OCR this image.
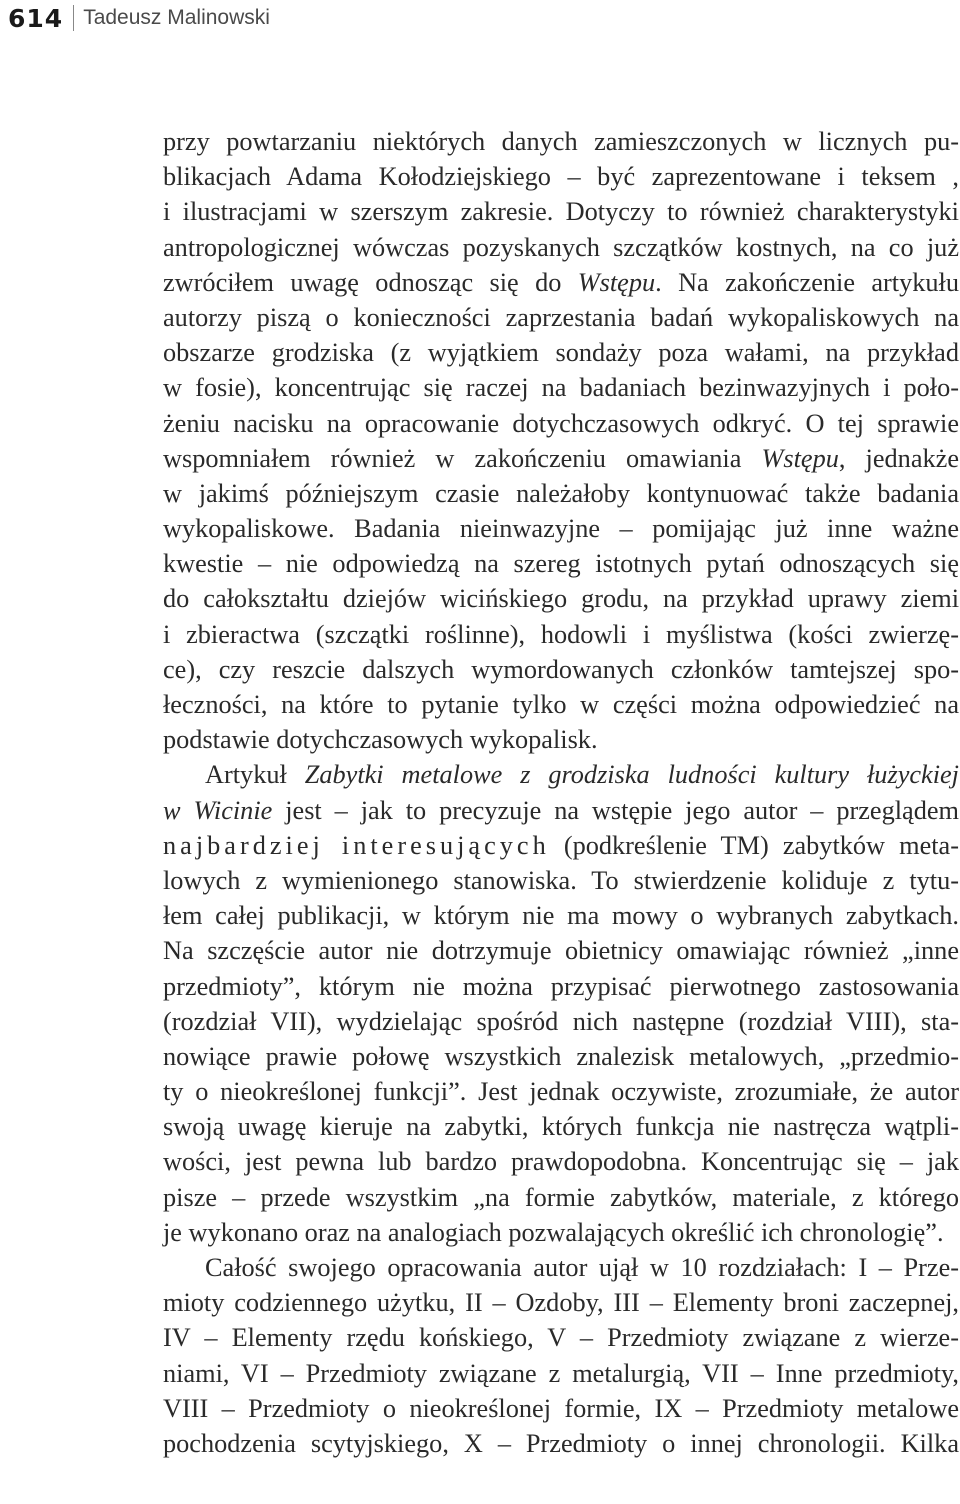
614 Tadeusz Malinowski
przy powtarzaniu niektórych danych zamieszczonych w licznych pu-
blikacjach Adama Kołodziejskiego – być zaprezentowane i teksem ,
i ilustracjami w szerszym zakresie. Dotyczy to również charakterystyki
antropologicznej wówczas pozyskanych szczątków kostnych, na co już
zwróciłem uwagę odnosząc się do Wstępu. Na zakończenie artykułu
autorzy piszą o konieczności zaprzestania badań wykopaliskowych na
obszarze grodziska (z wyjątkiem sondaży poza wałami, na przykład
w fosie), koncentrując się raczej na badaniach bezinwazyjnych i poło-
żeniu nacisku na opracowanie dotychczasowych odkryć. O tej sprawie
wspomniałem również w zakończeniu omawiania Wstępu, jednakże
w jakimś późniejszym czasie należałoby kontynuować także badania
wykopaliskowe. Badania nieinwazyjne – pomijając już inne ważne
kwestie – nie odpowiedzą na szereg istotnych pytań odnoszących się
do całokształtu dziejów wicińskiego grodu, na przykład uprawy ziemi
i zbieractwa (szczątki roślinne), hodowli i myślistwa (kości zwierzę-
ce), czy reszcie dalszych wymordowanych członków tamtejszej spo-
łeczności, na które to pytanie tylko w części można odpowiedzieć na
podstawie dotychczasowych wykopalisk.
Artykuł Zabytki metalowe z grodziska ludności kultury łużyckiej
w Wicinie jest – jak to precyzuje na wstępie jego autor – przeglądem
najbardziej interesujących (podkreślenie TM) zabytków meta-
lowych z wymienionego stanowiska. To stwierdzenie koliduje z tytu-
łem całej publikacji, w którym nie ma mowy o wybranych zabytkach.
Na szczęście autor nie dotrzymuje obietnicy omawiając również „inne
przedmioty”, którym nie można przypisać pierwotnego zastosowania
(rozdział VII), wydzielając spośród nich następne (rozdział VIII), sta-
nowiące prawie połowę wszystkich znalezisk metalowych, „przedmio-
ty o nieokreślonej funkcji”. Jest jednak oczywiste, zrozumiałe, że autor
swoją uwagę kieruje na zabytki, których funkcja nie nastręcza wątpli-
wości, jest pewna lub bardzo prawdopodobna. Koncentrując się – jak
pisze – przede wszystkim „na formie zabytków, materiale, z którego
je wykonano oraz na analogiach pozwalających określić ich chronologię”.
Całość swojego opracowania autor ujął w 10 rozdziałach: I – Prze-
mioty codziennego użytku, II – Ozdoby, III – Elementy broni zaczepnej,
IV – Elementy rzędu końskiego, V – Przedmioty związane z wierze-
niami, VI – Przedmioty związane z metalurgią, VII – Inne przedmioty,
VIII – Przedmioty o nieokreślonej formie, IX – Przedmioty metalowe
pochodzenia scytyjskiego, X – Przedmioty o innej chronologii. Kilka
